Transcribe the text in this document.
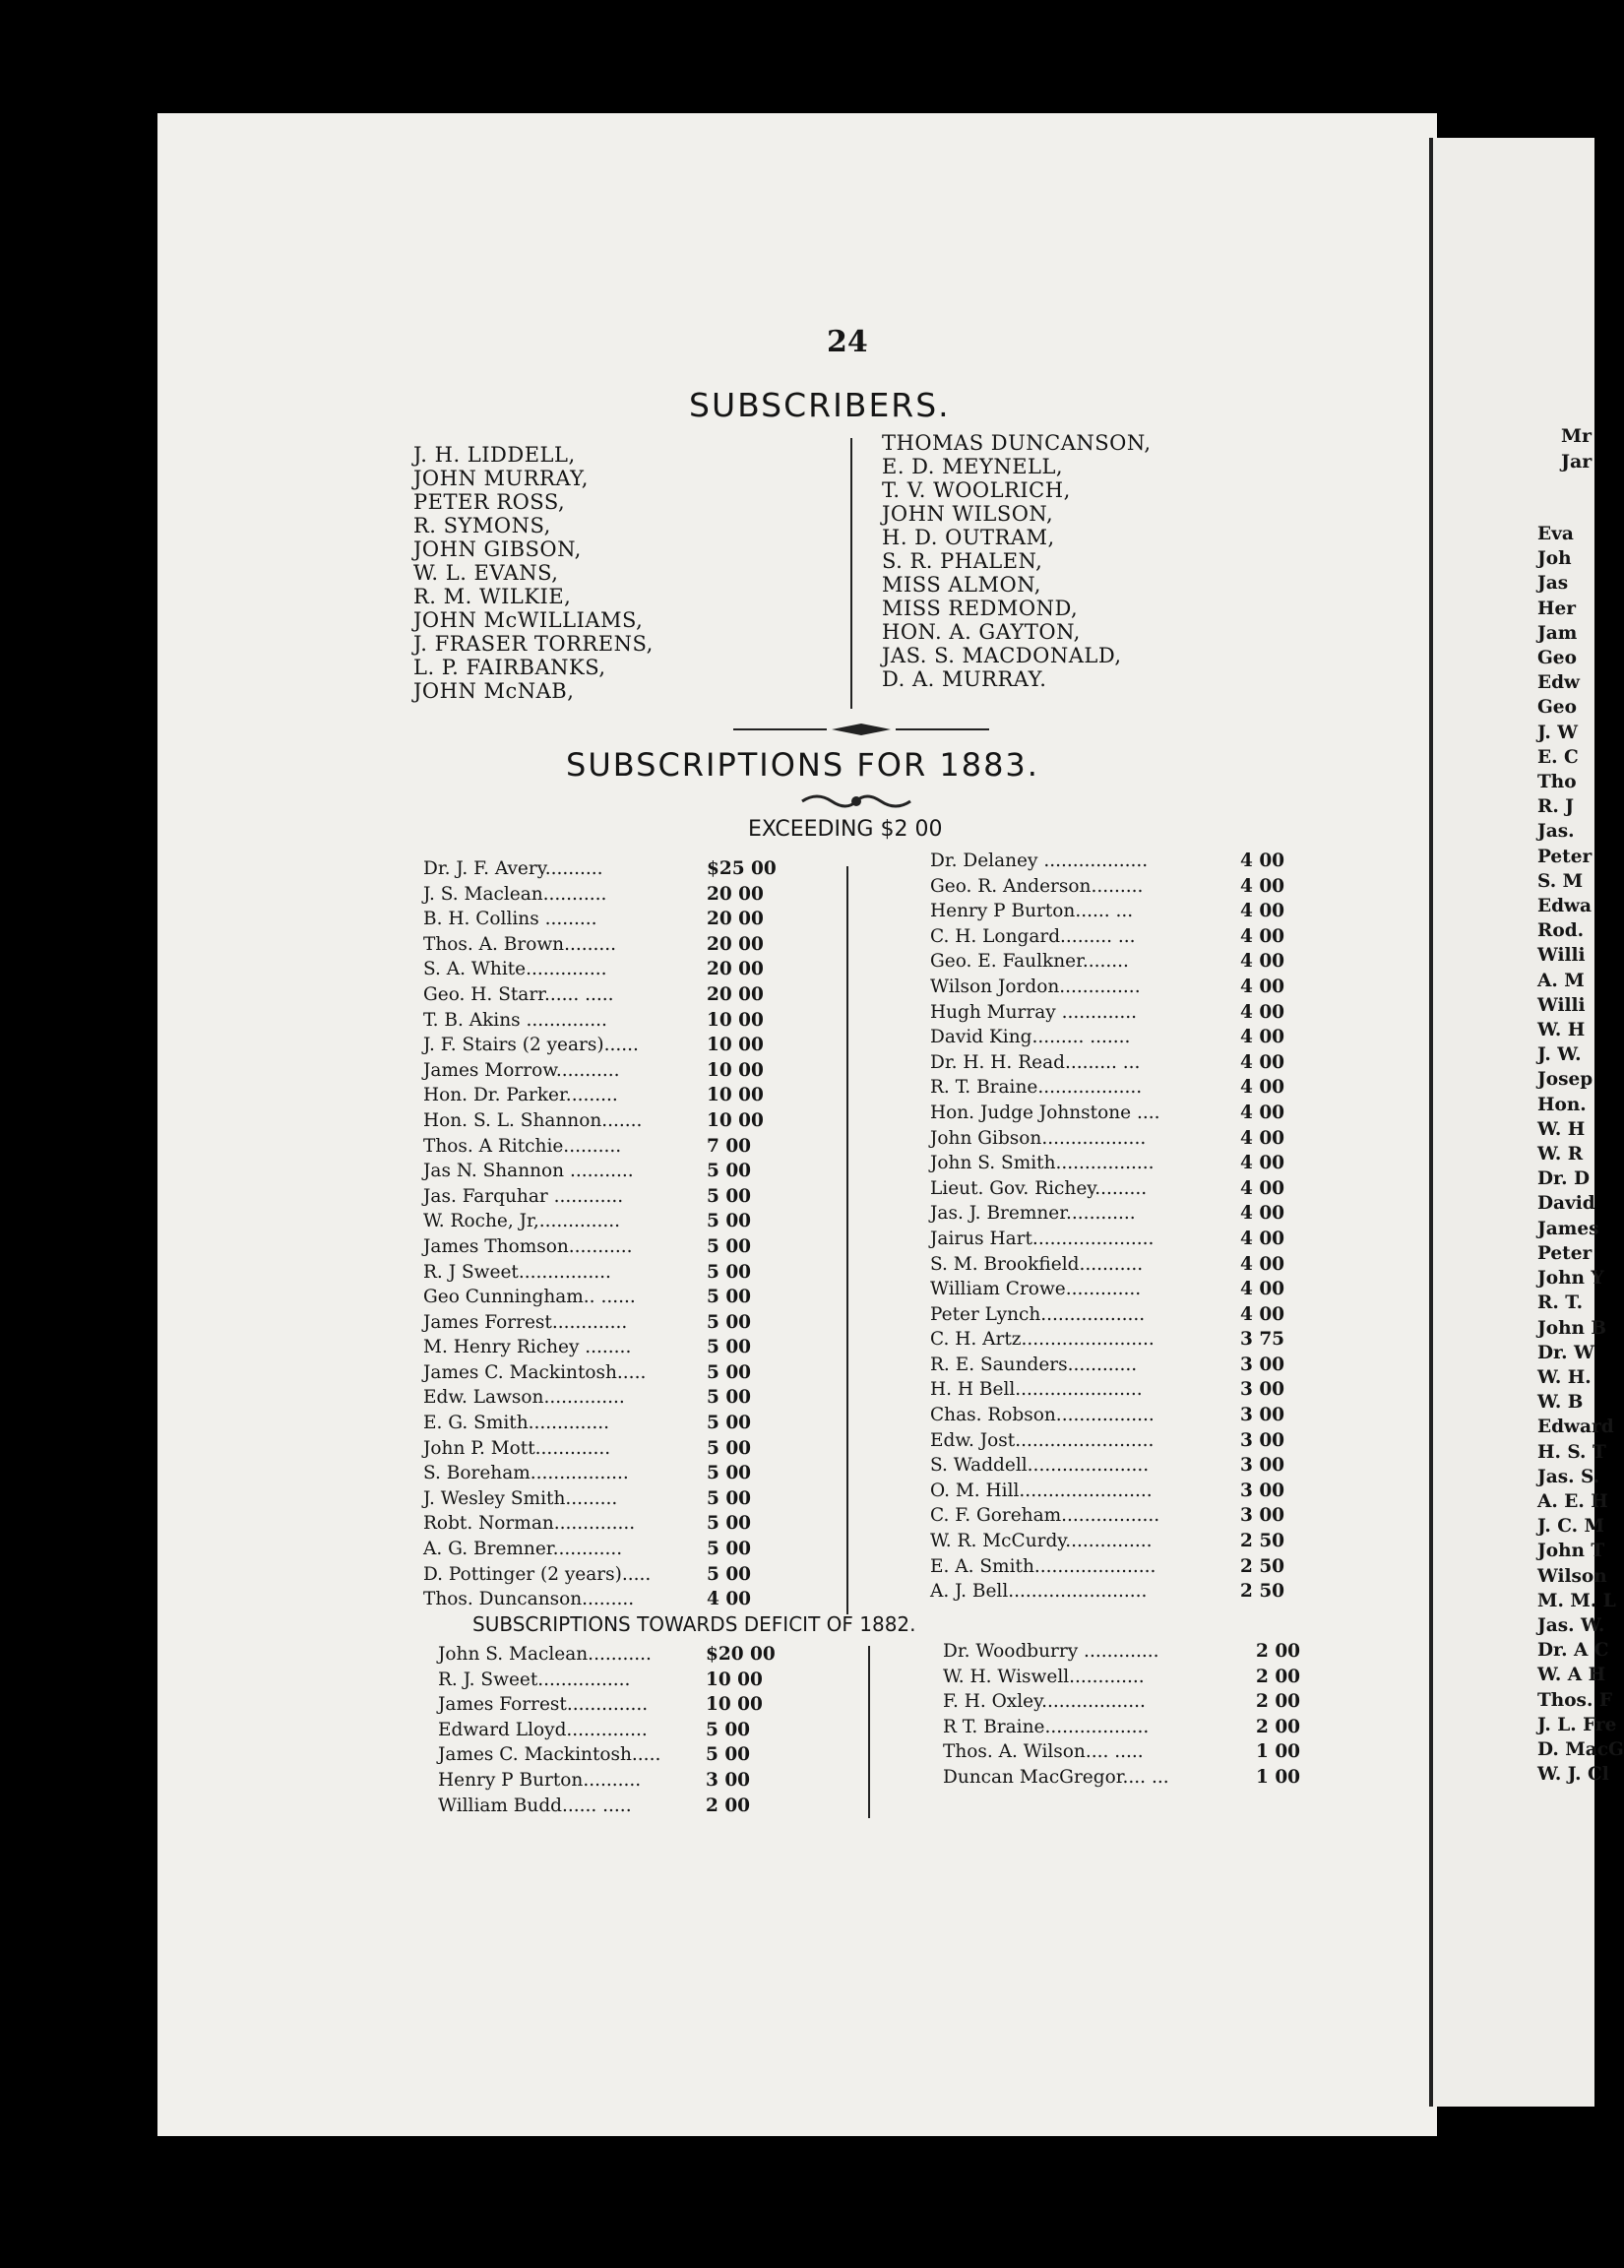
Mr
Jar
Eva
Joh
Jas
Her
Jam
Geo
Edw
Geo
J. W
E. C
Tho
R. J
Jas.
Peter
S. M
Edwa
Rod.
Willi
A. M
Willi
W. H
J. W.
Josep
Hon.
W. H
W. R
Dr. D
David
James
Peter
John Y
R. T.
John B
Dr. W
W. H.
W. B
Edward
H. S. T
Jas. S.
A. E. H
J. C. M
John T
Wilson
M. M. L
Jas. W.
Dr. A C
W. A H
Thos. F
J. L. Fre
D. MacG
W. J. Cl
24
SUBSCRIBERS.
J. H. LIDDELL,
JOHN MURRAY,
PETER ROSS,
R. SYMONS,
JOHN GIBSON,
W. L. EVANS,
R. M. WILKIE,
JOHN McWILLIAMS,
J. FRASER TORRENS,
L. P. FAIRBANKS,
JOHN McNAB,
THOMAS DUNCANSON,
E. D. MEYNELL,
T. V. WOOLRICH,
JOHN WILSON,
H. D. OUTRAM,
S. R. PHALEN,
MISS ALMON,
MISS REDMOND,
HON. A. GAYTON,
JAS. S. MACDONALD,
D. A. MURRAY.
SUBSCRIPTIONS FOR 1883.
EXCEEDING $2 00
Dr. J. F. Avery..........	$25 00
J. S. Maclean...........	20 00
B. H. Collins .........	20 00
Thos. A. Brown.........	20 00
S. A. White..............	20 00
Geo. H. Starr...... .....	20 00
T. B. Akins ..............	10 00
J. F. Stairs (2 years)......	10 00
James Morrow...........	10 00
Hon. Dr. Parker.........	10 00
Hon. S. L. Shannon.......	10 00
Thos. A Ritchie..........	7 00
Jas N. Shannon ...........	5 00
Jas. Farquhar ............	5 00
W. Roche, Jr,..............	5 00
James Thomson...........	5 00
R. J Sweet................	5 00
Geo Cunningham.. ......	5 00
James Forrest.............	5 00
M. Henry Richey ........	5 00
James C. Mackintosh.....	5 00
Edw. Lawson..............	5 00
E. G. Smith..............	5 00
John P. Mott.............	5 00
S. Boreham.................	5 00
J. Wesley Smith.........	5 00
Robt. Norman..............	5 00
A. G. Bremner............	5 00
D. Pottinger (2 years).....	5 00
Thos. Duncanson.........	4 00
Dr. Delaney ..................	4 00
Geo. R. Anderson.........	4 00
Henry P Burton...... ...	4 00
C. H. Longard......... ...	4 00
Geo. E. Faulkner........	4 00
Wilson Jordon..............	4 00
Hugh Murray .............	4 00
David King......... .......	4 00
Dr. H. H. Read......... ...	4 00
R. T. Braine..................	4 00
Hon. Judge Johnstone ....	4 00
John Gibson..................	4 00
John S. Smith.................	4 00
Lieut. Gov. Richey.........	4 00
Jas. J. Bremner............	4 00
Jairus Hart.....................	4 00
S. M. Brookfield...........	4 00
William Crowe.............	4 00
Peter Lynch..................	4 00
C. H. Artz.......................	3 75
R. E. Saunders............	3 00
H. H Bell......................	3 00
Chas. Robson.................	3 00
Edw. Jost........................	3 00
S. Waddell.....................	3 00
O. M. Hill.......................	3 00
C. F. Goreham.................	3 00
W. R. McCurdy...............	2 50
E. A. Smith.....................	2 50
A. J. Bell........................	2 50
SUBSCRIPTIONS TOWARDS DEFICIT OF 1882.
John S. Maclean...........	$20 00
R. J. Sweet................	10 00
James Forrest..............	10 00
Edward Lloyd..............	5 00
James C. Mackintosh..... 5 00
Henry P Burton..........	3 00
William Budd...... .....	2 00
Dr. Woodburry .............	2 00
W. H. Wiswell.............	2 00
F. H. Oxley..................	2 00
R T. Braine..................	2 00
Thos. A. Wilson.... .....	1 00
Duncan MacGregor.... ...	1 00
